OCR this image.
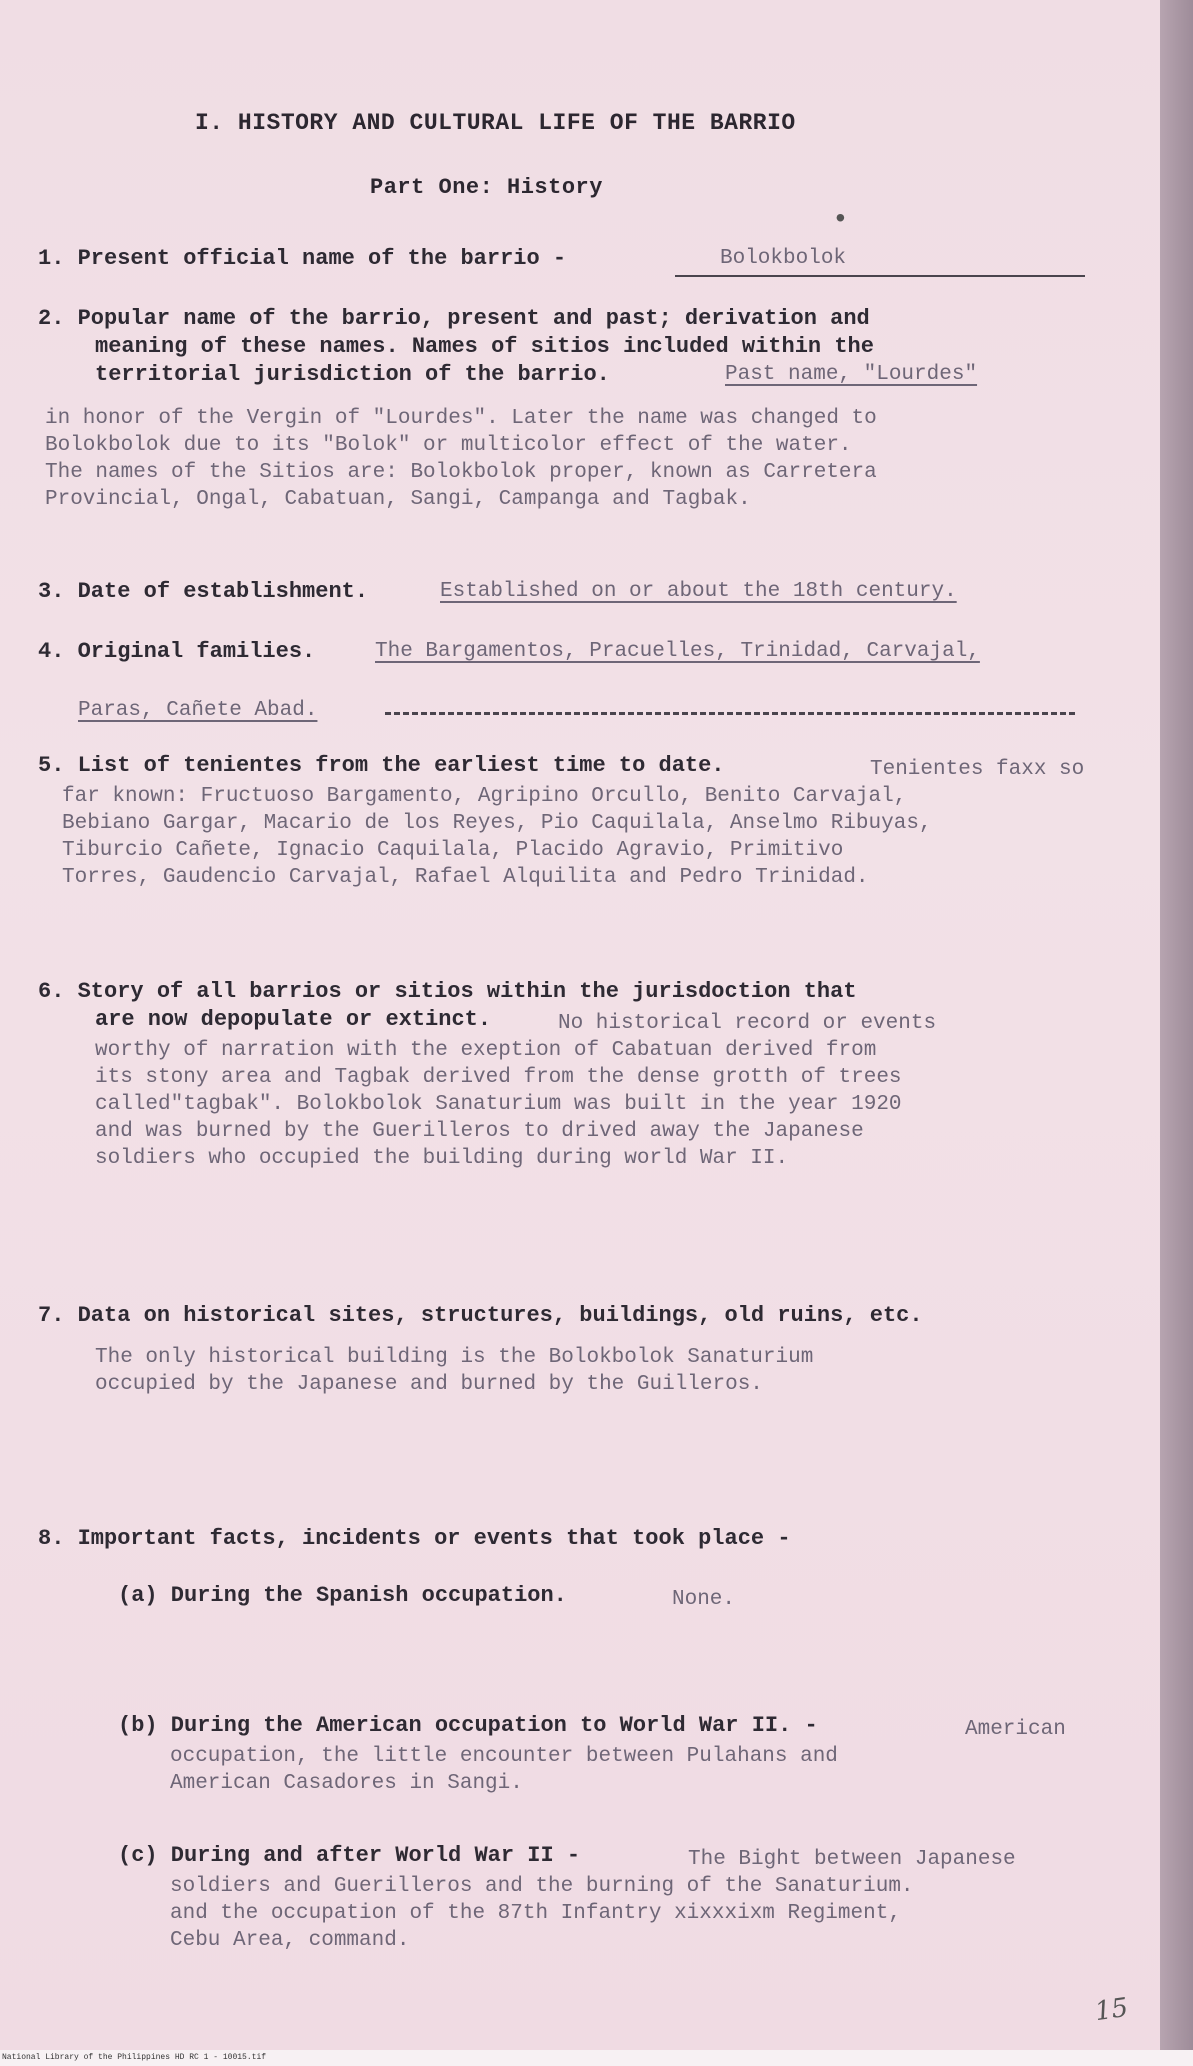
I. HISTORY AND CULTURAL LIFE OF THE BARRIO
Part One: History
1. Present official name of the barrio -	Bolokbolok
2. Popular name of the barrio, present and past; derivation and
meaning of these names. Names of sitios included within the
territorial jurisdiction of the barrio.	Past name, "Lourdes"
in honor of the Vergin of "Lourdes". Later the name was changed to
Bolokbolok due to its "Bolok" or multicolor effect of the water.
The names of the Sitios are: Bolokbolok proper, known as Carretera
Provincial, Ongal, Cabatuan, Sangi, Campanga and Tagbak.
3. Date of establishment.	Established on or about the 18th century.
4. Original families.	The Bargamentos, Pracuelles, Trinidad, Carvajal,
Paras, Cañete Abad.
5. List of tenientes from the earliest time to date.	Tenientes faxx so
far known: Fructuoso Bargamento, Agripino Orcullo, Benito Carvajal,
Bebiano Gargar, Macario de los Reyes, Pio Caquilala, Anselmo Ribuyas,
Tiburcio Cañete, Ignacio Caquilala, Placido Agravio, Primitivo
Torres, Gaudencio Carvajal, Rafael Alquilita and Pedro Trinidad.
6. Story of all barrios or sitios within the jurisdoction that
are now depopulate or extinct.	No historical record or events
worthy of narration with the exeption of Cabatuan derived from
its stony area and Tagbak derived from the dense grotth of trees
called"tagbak". Bolokbolok Sanaturium was built in the year 1920
and was burned by the Guerilleros to drived away the Japanese
soldiers who occupied the building during world War II.
7. Data on historical sites, structures, buildings, old ruins, etc.
The only historical building is the Bolokbolok Sanaturium
occupied by the Japanese and burned by the Guilleros.
8. Important facts, incidents or events that took place -
(a) During the Spanish occupation.	None.
(b) During the American occupation to World War II. -	American
occupation, the little encounter between Pulahans and
American Casadores in Sangi.
(c) During and after World War II -	The Bight between Japanese
soldiers and Guerilleros and the burning of the Sanaturium.
and the occupation of the 87th Infantry xixxxixm Regiment,
Cebu Area, command.
15
•
National Library of the Philippines HD RC 1 - 10015.tif
